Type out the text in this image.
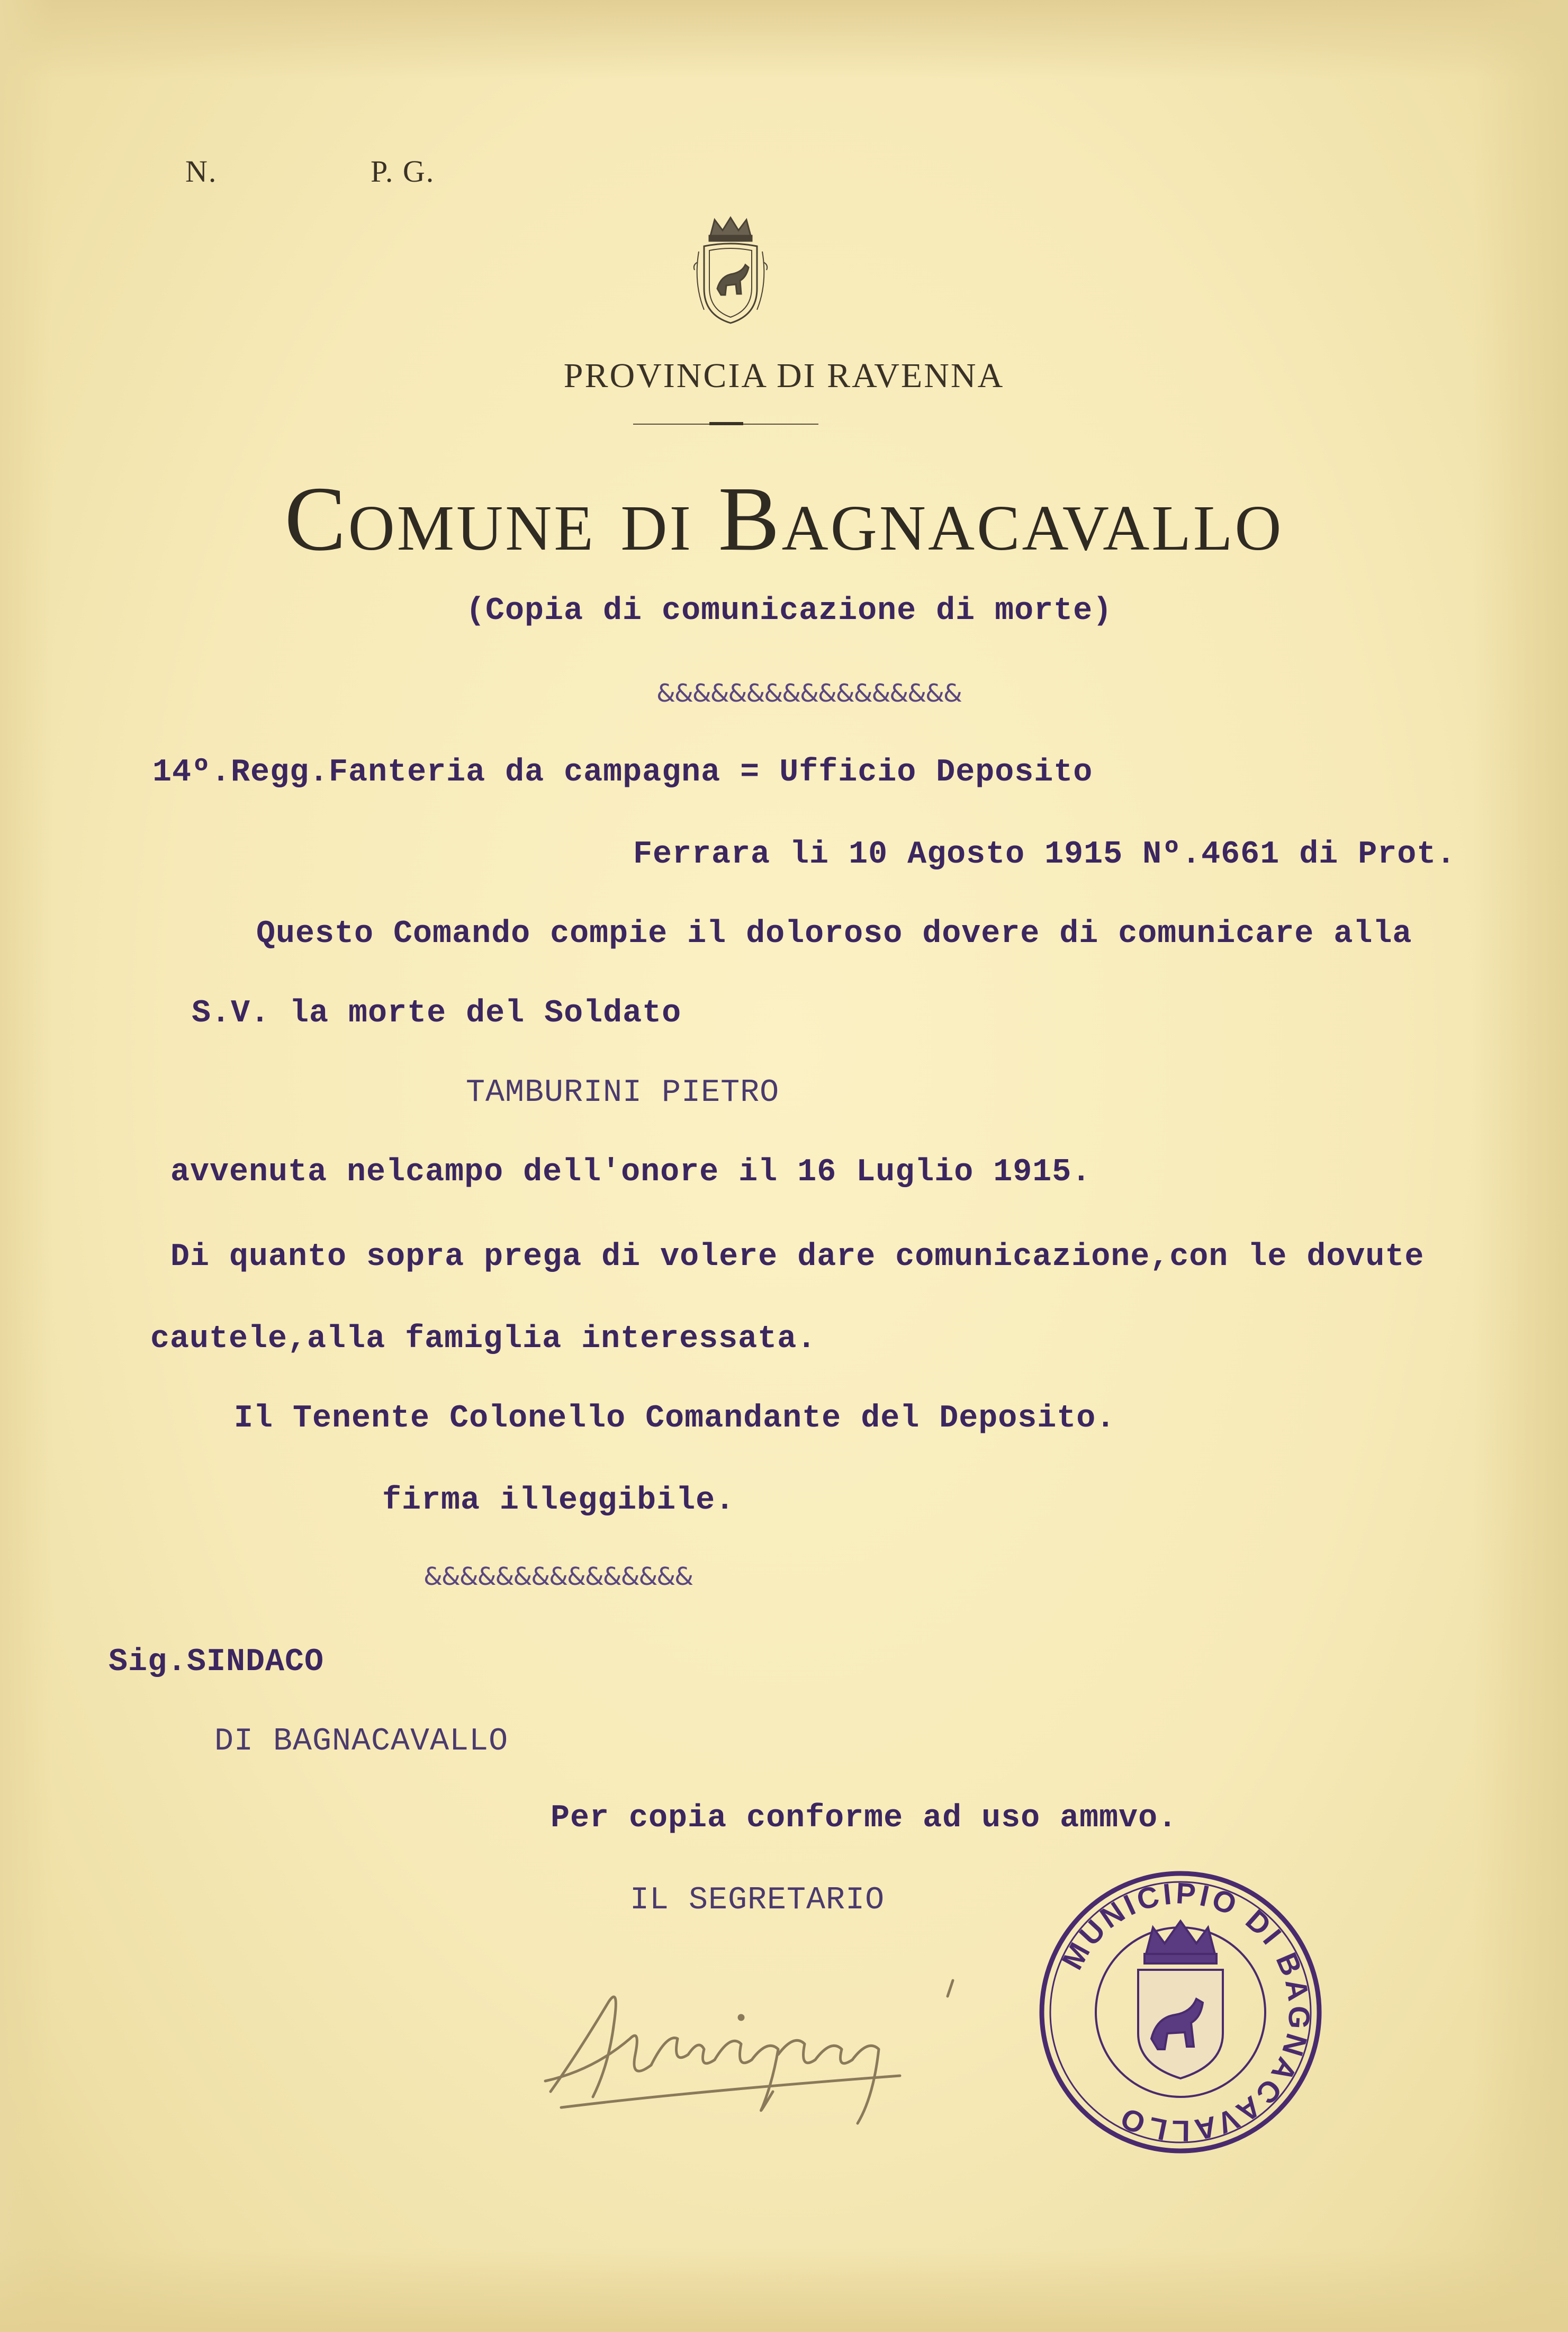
N.	P. G.
PROVINCIA DI RAVENNA
Comune di Bagnacavallo
(Copia di comunicazione di morte)
&&&&&&&&&&&&&&&&&
14º.Regg.Fanteria da campagna = Ufficio Deposito
Ferrara li 10 Agosto 1915 Nº.4661 di Prot.
Questo Comando compie il doloroso dovere di comunicare alla
S.V. la morte del Soldato
TAMBURINI PIETRO
avvenuta nelcampo dell'onore il 16 Luglio 1915.
Di quanto sopra prega di volere dare comunicazione,con le dovute
cautele,alla famiglia interessata.
Il Tenente Colonello Comandante del Deposito.
firma illeggibile.
&&&&&&&&&&&&&&&
Sig.SINDACO
DI BAGNACAVALLO
Per copia conforme ad uso ammvo.
IL SEGRETARIO
MUNICIPIO DI BAGNACAVALLO
